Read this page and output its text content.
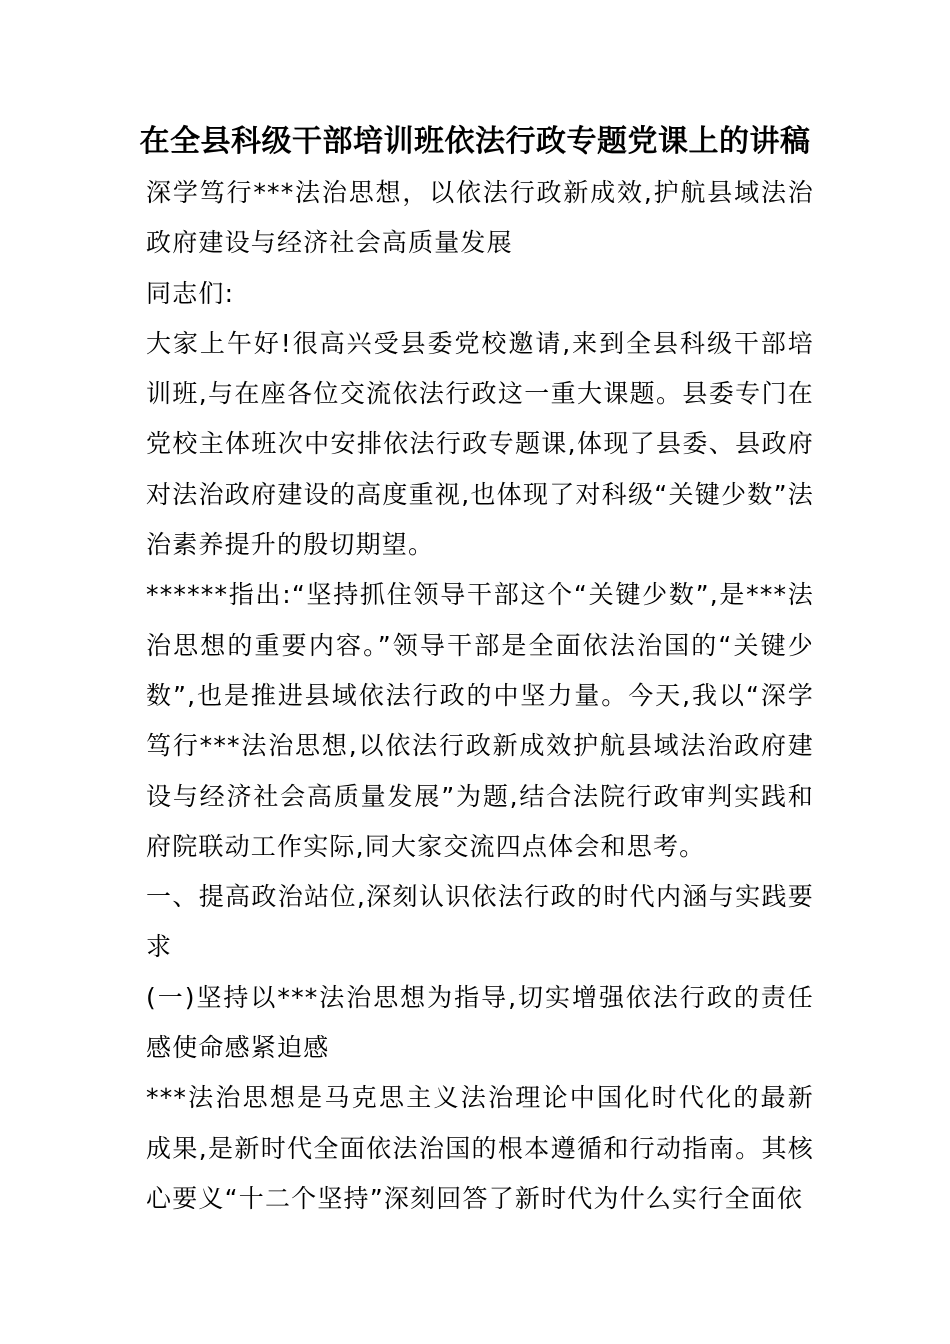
在全县科级干部培训班依法行政专题党课上的讲稿

深学笃行***法治思想，以依法行政新成效,护航县域法治政府建设与经济社会高质量发展

同志们:

大家上午好!很高兴受县委党校邀请,来到全县科级干部培训班,与在座各位交流依法行政这一重大课题。县委专门在党校主体班次中安排依法行政专题课,体现了县委、县政府对法治政府建设的高度重视,也体现了对科级“关键少数”法治素养提升的殷切期望。

******指出:“坚持抓住领导干部这个“关键少数”,是***法治思想的重要内容。”领导干部是全面依法治国的“关键少数”,也是推进县域依法行政的中坚力量。今天,我以“深学笃行***法治思想,以依法行政新成效护航县域法治政府建设与经济社会高质量发展”为题,结合法院行政审判实践和府院联动工作实际,同大家交流四点体会和思考。

一、提高政治站位,深刻认识依法行政的时代内涵与实践要求

(一)坚持以***法治思想为指导,切实增强依法行政的责任感使命感紧迫感

***法治思想是马克思主义法治理论中国化时代化的最新成果,是新时代全面依法治国的根本遵循和行动指南。其核心要义“十二个坚持”深刻回答了新时代为什么实行全面依
